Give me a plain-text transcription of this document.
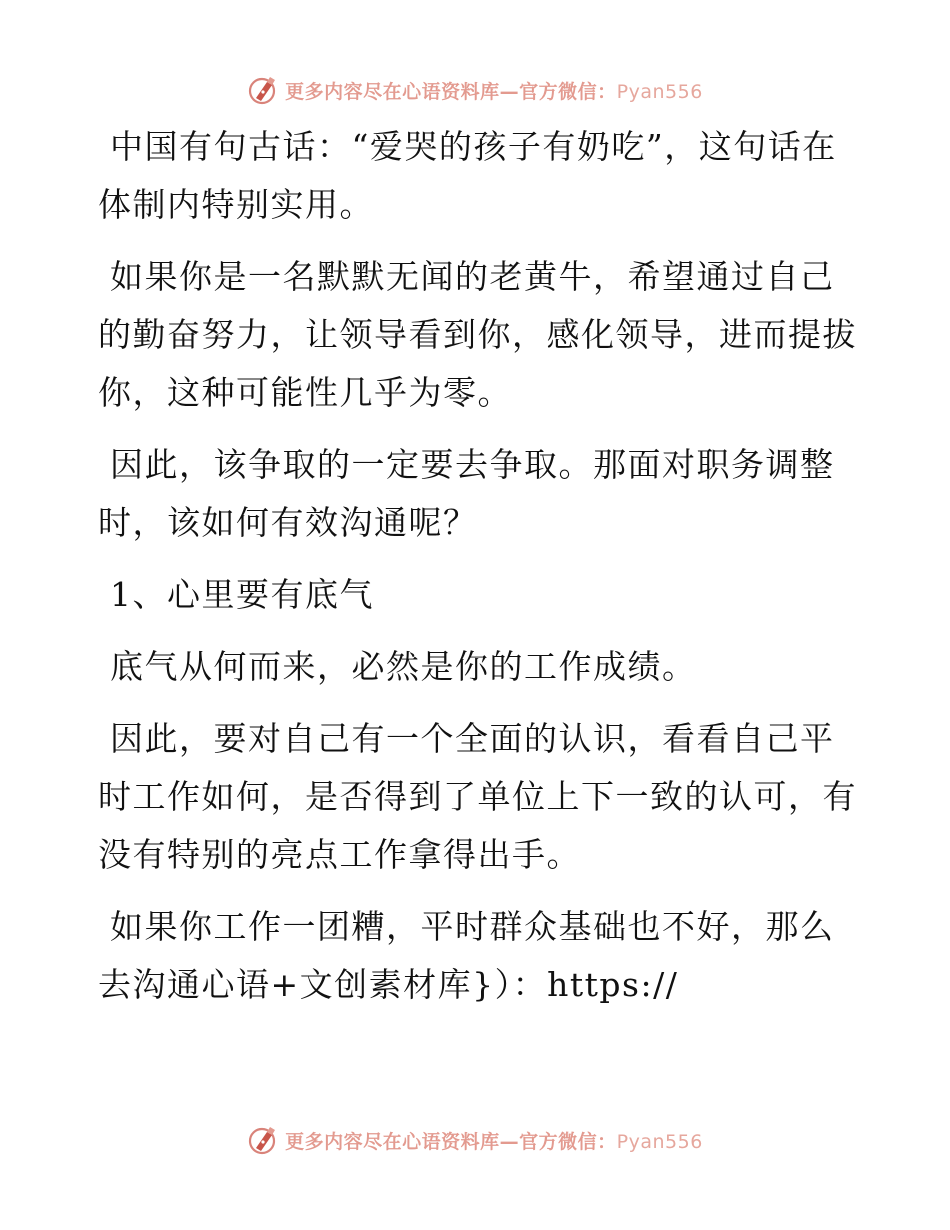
更多内容尽在心语资料库—官方微信：Pyan556

中国有句古话：“爱哭的孩子有奶吃”，这句话在体制内特别实用。

如果你是一名默默无闻的老黄牛，希望通过自己的勤奋努力，让领导看到你，感化领导，进而提拔你，这种可能性几乎为零。

因此，该争取的一定要去争取。那面对职务调整时，该如何有效沟通呢？

1、心里要有底气

底气从何而来，必然是你的工作成绩。

因此，要对自己有一个全面的认识，看看自己平时工作如何，是否得到了单位上下一致的认可，有没有特别的亮点工作拿得出手。

如果你工作一团糟，平时群众基础也不好，那么去沟通心语+文创素材库}）：https://

更多内容尽在心语资料库—官方微信：Pyan556
